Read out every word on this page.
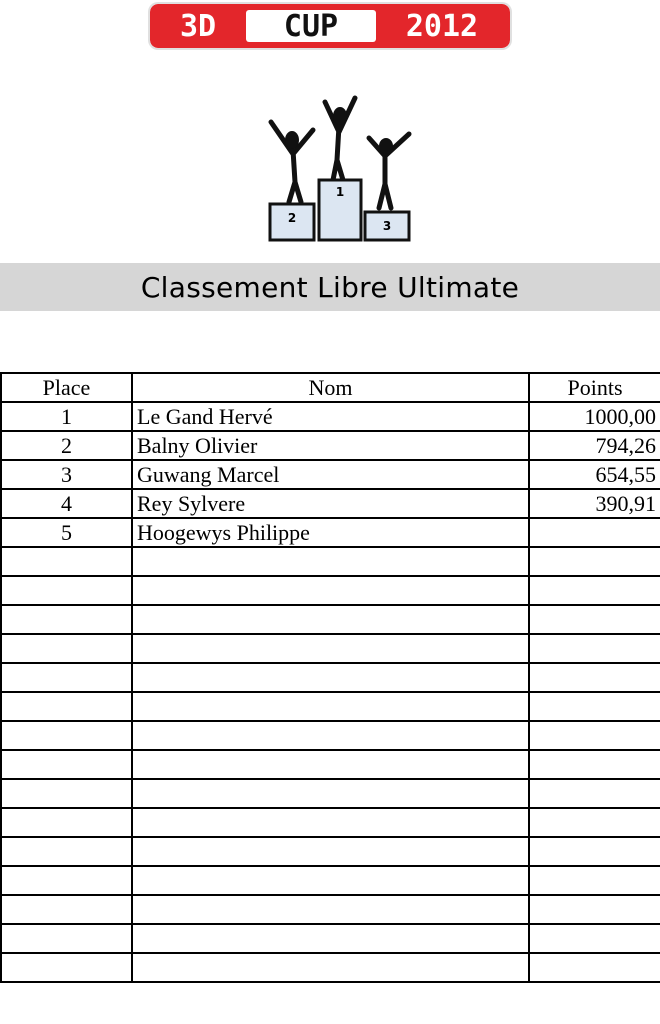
3D CUP 2012
2
1
3
Classement Libre Ultimate
Place	Nom	Points
1	Le Gand Hervé	1000,00
2	Balny Olivier	794,26
3	Guwang Marcel	654,55
4	Rey Sylvere	390,91
5	Hoogewys Philippe	
